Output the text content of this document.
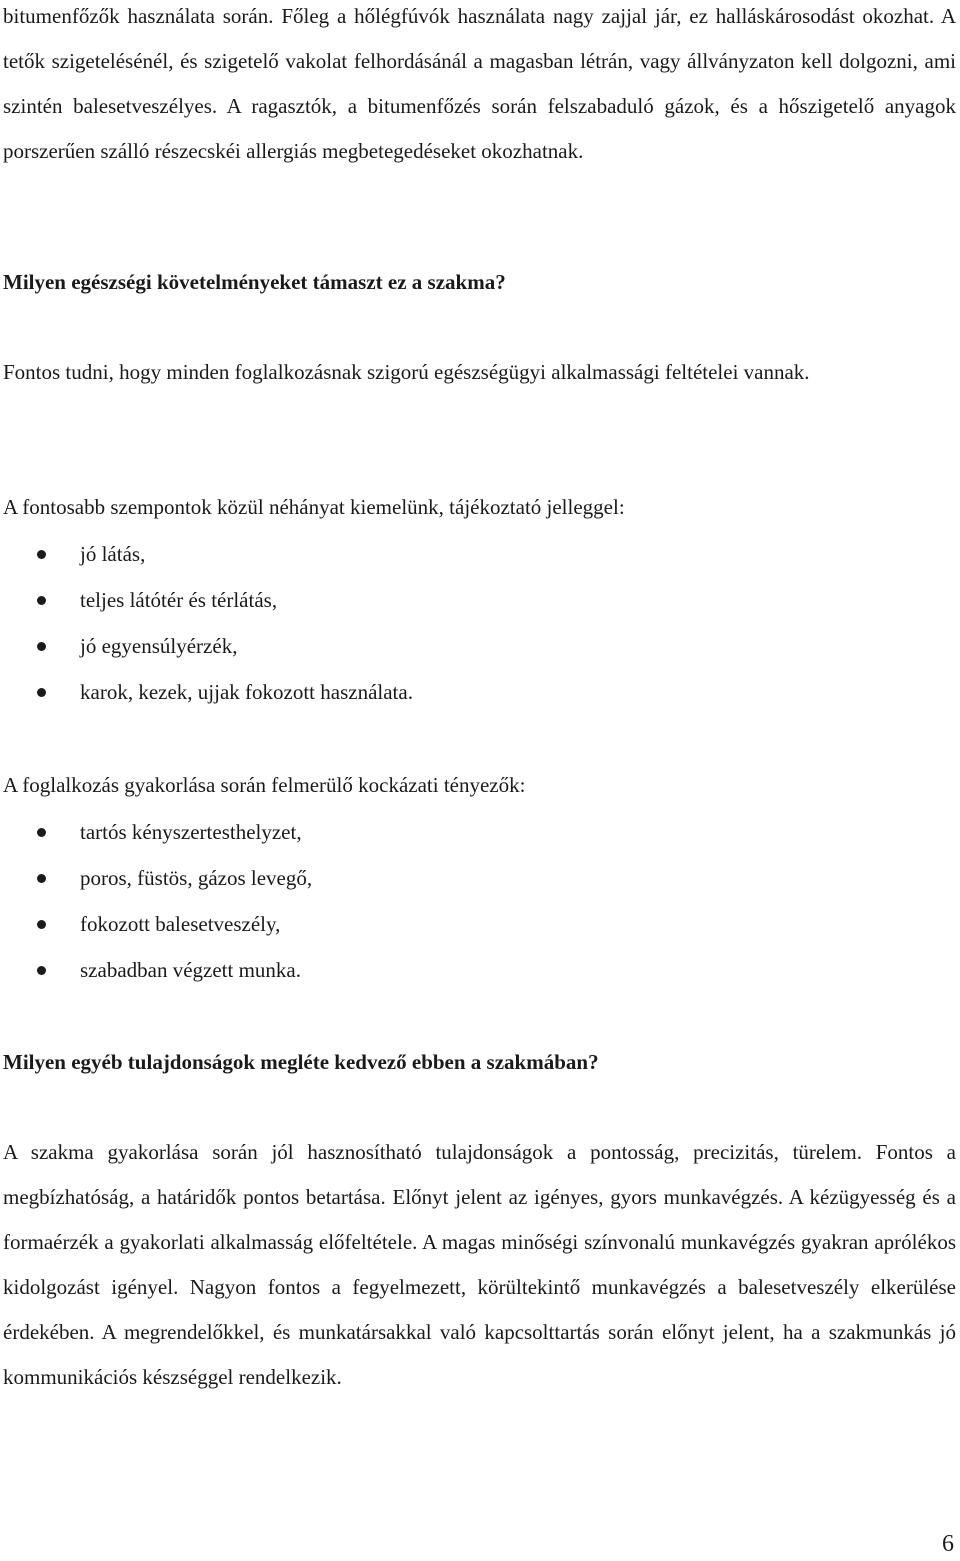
bitumenfőzők használata során. Főleg a hőlégfúvók használata nagy zajjal jár, ez halláskárosodást okozhat. A tetők szigetelésénél, és szigetelő vakolat felhordásánál a magasban létrán, vagy állványzaton kell dolgozni, ami szintén balesetveszélyes. A ragasztók, a bitumenfőzés során felszabaduló gázok, és a hőszigetelő anyagok porszerűen szálló részecskéi allergiás megbetegedéseket okozhatnak.

Milyen egészségi követelményeket támaszt ez a szakma?

Fontos tudni, hogy minden foglalkozásnak szigorú egészségügyi alkalmassági feltételei vannak.

A fontosabb szempontok közül néhányat kiemelünk, tájékoztató jelleggel:

jó látás,
teljes látótér és térlátás,
jó egyensúlyérzék,
karok, kezek, ujjak fokozott használata.

A foglalkozás gyakorlása során felmerülő kockázati tényezők:

tartós kényszertesthelyzet,
poros, füstös, gázos levegő,
fokozott balesetveszély,
szabadban végzett munka.

Milyen egyéb tulajdonságok megléte kedvező ebben a szakmában?

A szakma gyakorlása során jól hasznosítható tulajdonságok a pontosság, precizitás, türelem. Fontos a megbízhatóság, a határidők pontos betartása. Előnyt jelent az igényes, gyors munkavégzés. A kézügyesség és a formaérzék a gyakorlati alkalmasság előfeltétele. A magas minőségi színvonalú munkavégzés gyakran aprólékos kidolgozást igényel. Nagyon fontos a fegyelmezett, körültekintő munkavégzés a balesetveszély elkerülése érdekében. A megrendelőkkel, és munkatársakkal való kapcsolttartás során előnyt jelent, ha a szakmunkás jó kommunikációs készséggel rendelkezik.

6
